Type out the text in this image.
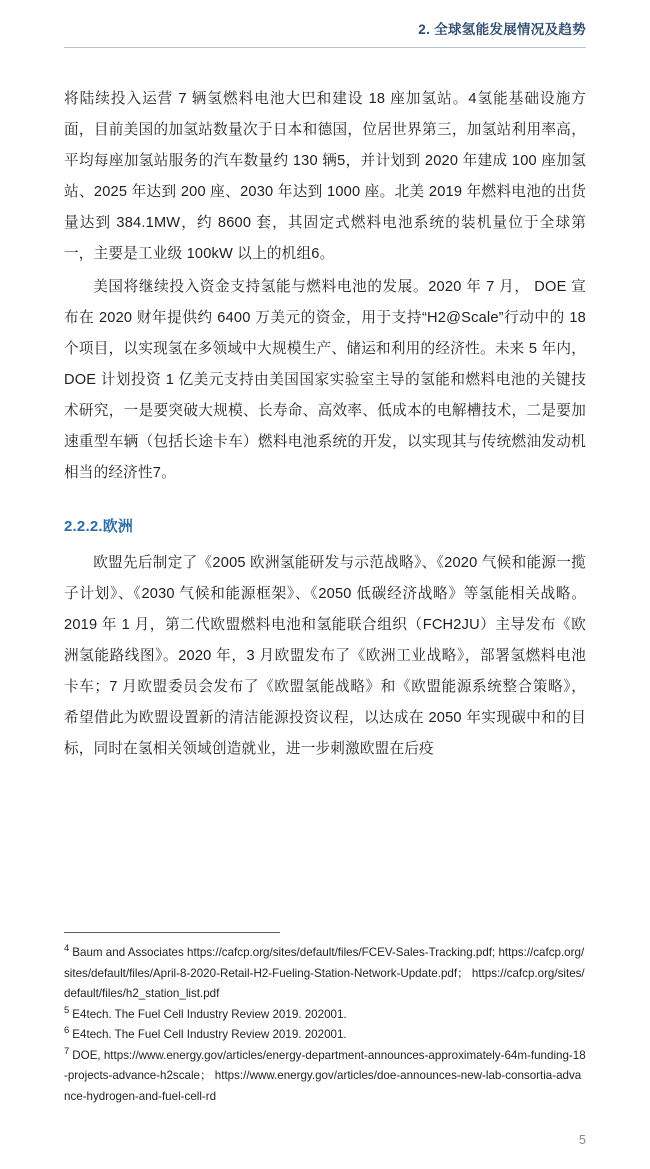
2. 全球氢能发展情况及趋势

将陆续投入运营 7 辆氢燃料电池大巴和建设 18 座加氢站。4氢能基础设施方面，目前美国的加氢站数量次于日本和德国，位居世界第三，加氢站利用率高，平均每座加氢站服务的汽车数量约 130 辆5，并计划到 2020 年建成 100 座加氢站、2025 年达到 200 座、2030 年达到 1000 座。北美 2019 年燃料电池的出货量达到 384.1MW，约 8600 套，其固定式燃料电池系统的装机量位于全球第一，主要是工业级 100kW 以上的机组6。

美国将继续投入资金支持氢能与燃料电池的发展。2020 年 7 月， DOE 宣布在 2020 财年提供约 6400 万美元的资金，用于支持“H2@Scale”行动中的 18 个项目，以实现氢在多领域中大规模生产、储运和利用的经济性。未来 5 年内，DOE 计划投资 1 亿美元支持由美国国家实验室主导的氢能和燃料电池的关键技术研究，一是要突破大规模、长寿命、高效率、低成本的电解槽技术，二是要加速重型车辆（包括长途卡车）燃料电池系统的开发，以实现其与传统燃油发动机相当的经济性7。

2.2.2.欧洲

欧盟先后制定了《2005 欧洲氢能研发与示范战略》、《2020 气候和能源一揽子计划》、《2030 气候和能源框架》、《2050 低碳经济战略》等氢能相关战略。2019 年 1 月，第二代欧盟燃料电池和氢能联合组织（FCH2JU）主导发布《欧洲氢能路线图》。2020 年，3 月欧盟发布了《欧洲工业战略》，部署氢燃料电池卡车；7 月欧盟委员会发布了《欧盟氢能战略》和《欧盟能源系统整合策略》，希望借此为欧盟设置新的清洁能源投资议程，以达成在 2050 年实现碳中和的目标，同时在氢相关领域创造就业，进一步刺激欧盟在后疫

$^4$ Baum and Associates https://cafcp.org/sites/default/files/FCEV-Sales-Tracking.pdf; https://cafcp.org/sites/default/files/April-8-2020-Retail-H2-Fueling-Station-Network-Update.pdf； https://cafcp.org/sites/default/files/h2_station_list.pdf

$^5$ E4tech. The Fuel Cell Industry Review 2019. 202001.

$^6$ E4tech. The Fuel Cell Industry Review 2019. 202001.

$^7$ DOE, https://www.energy.gov/articles/energy-department-announces-approximately-64m-funding-18-projects-advance-h2scale； https://www.energy.gov/articles/doe-announces-new-lab-consortia-advance-hydrogen-and-fuel-cell-rd

5
